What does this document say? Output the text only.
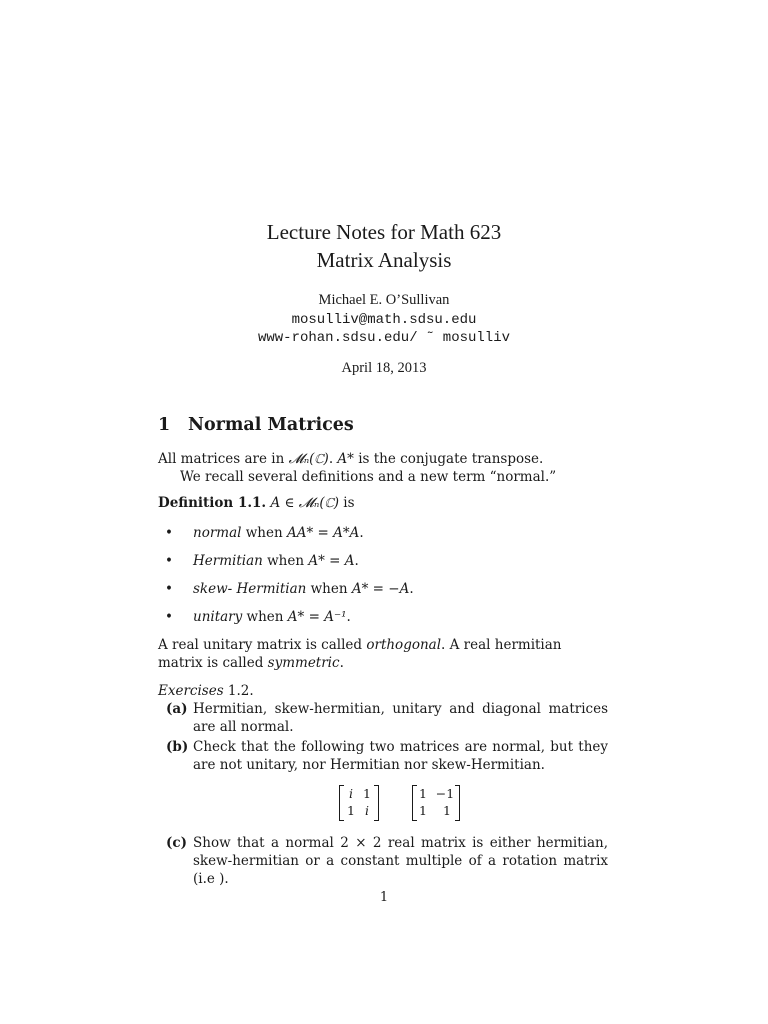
Lecture Notes for Math 623
Matrix Analysis
Michael E. O’Sullivan
mosulliv@math.sdsu.edu
www-rohan.sdsu.edu/ ˜ mosulliv
April 18, 2013
1 Normal Matrices
All matrices are in 𝓜ₙ(ℂ). A* is the conjugate transpose.
We recall several definitions and a new term “normal.”
Definition 1.1. A ∈ 𝓜ₙ(ℂ) is
• normal when AA* = A*A.
• Hermitian when A* = A.
• skew- Hermitian when A* = −A.
• unitary when A* = A⁻¹.
A real unitary matrix is called orthogonal. A real hermitian matrix is called symmetric.
Exercises 1.2.
(a) Hermitian, skew-hermitian, unitary and diagonal matrices are all normal.
(b) Check that the following two matrices are normal, but they are not unitary, nor Hermitian nor skew-Hermitian.
i 1
1 i
1 −1
1	1
(c) Show that a normal 2 × 2 real matrix is either hermitian, skew-hermitian or a constant multiple of a rotation matrix (i.e ).
1
